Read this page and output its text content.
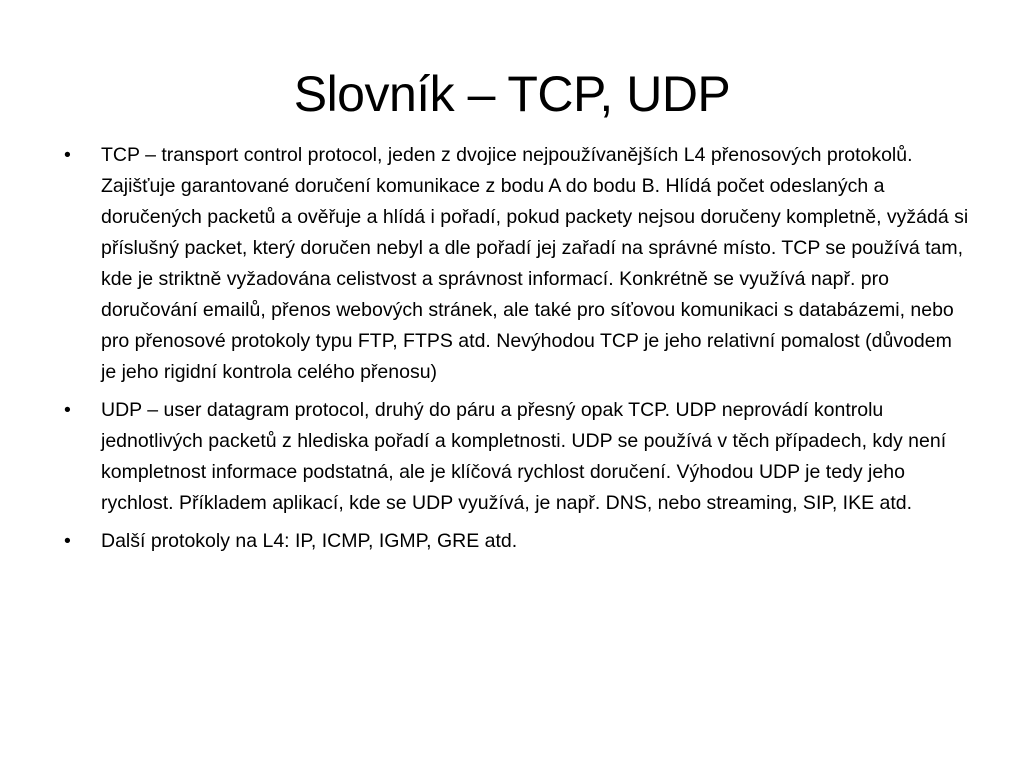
Slovník – TCP, UDP
•	TCP – transport control protocol, jeden z dvojice nejpoužívanějších L4 přenosových protokolů. Zajišťuje garantované doručení komunikace z bodu A do bodu B. Hlídá počet odeslaných a doručených packetů a ověřuje a hlídá i pořadí, pokud packety nejsou doručeny kompletně, vyžádá si příslušný packet, který doručen nebyl a dle pořadí jej zařadí na správné místo. TCP se používá tam, kde je striktně vyžadována celistvost a správnost informací. Konkrétně se využívá např. pro doručování emailů, přenos webových stránek, ale také pro síťovou komunikaci s databázemi, nebo pro přenosové protokoly typu FTP, FTPS atd. Nevýhodou TCP je jeho relativní pomalost (důvodem je jeho rigidní kontrola celého přenosu)
•	UDP – user datagram protocol, druhý do páru a přesný opak TCP. UDP neprovádí kontrolu jednotlivých packetů z hlediska pořadí a kompletnosti. UDP se používá v těch případech, kdy není kompletnost informace podstatná, ale je klíčová rychlost doručení. Výhodou UDP je tedy jeho rychlost. Příkladem aplikací, kde se UDP využívá, je např. DNS, nebo streaming, SIP, IKE atd.
•	Další protokoly na L4: IP, ICMP, IGMP, GRE atd.
